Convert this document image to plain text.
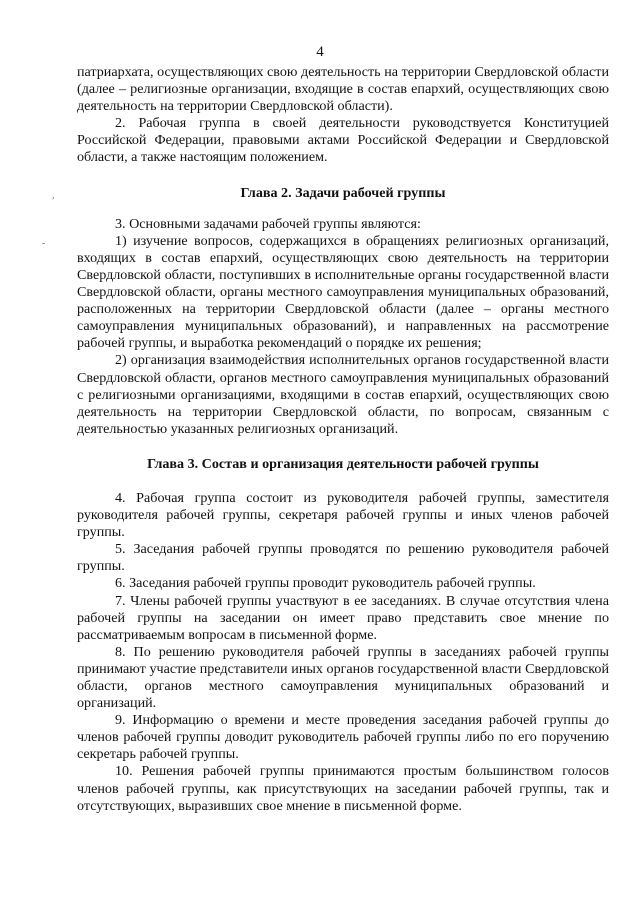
4
,
-

патриархата, осуществляющих свою деятельность на территории Свердловской области (далее – религиозные организации, входящие в состав епархий, осуществляющих свою деятельность на территории Свердловской области).

2. Рабочая группа в своей деятельности руководствуется Конституцией Российской Федерации, правовыми актами Российской Федерации и Свердловской области, а также настоящим положением.

Глава 2. Задачи рабочей группы

3. Основными задачами рабочей группы являются:

1) изучение вопросов, содержащихся в обращениях религиозных организаций, входящих в состав епархий, осуществляющих свою деятельность на территории Свердловской области, поступивших в исполнительные органы государственной власти Свердловской области, органы местного самоуправления муниципальных образований, расположенных на территории Свердловской области (далее – органы местного самоуправления муниципальных образований), и направленных на рассмотрение рабочей группы, и выработка рекомендаций о порядке их решения;

2) организация взаимодействия исполнительных органов государственной власти Свердловской области, органов местного самоуправления муниципальных образований с религиозными организациями, входящими в состав епархий, осуществляющих свою деятельность на территории Свердловской области, по вопросам, связанным с деятельностью указанных религиозных организаций.

Глава 3. Состав и организация деятельности рабочей группы

4. Рабочая группа состоит из руководителя рабочей группы, заместителя руководителя рабочей группы, секретаря рабочей группы и иных членов рабочей группы.

5. Заседания рабочей группы проводятся по решению руководителя рабочей группы.

6. Заседания рабочей группы проводит руководитель рабочей группы.

7. Члены рабочей группы участвуют в ее заседаниях. В случае отсутствия члена рабочей группы на заседании он имеет право представить свое мнение по рассматриваемым вопросам в письменной форме.

8. По решению руководителя рабочей группы в заседаниях рабочей группы принимают участие представители иных органов государственной власти Свердловской области, органов местного самоуправления муниципальных образований и организаций.

9. Информацию о времени и месте проведения заседания рабочей группы до членов рабочей группы доводит руководитель рабочей группы либо по его поручению секретарь рабочей группы.

10. Решения рабочей группы принимаются простым большинством голосов членов рабочей группы, как присутствующих на заседании рабочей группы, так и отсутствующих, выразивших свое мнение в письменной форме.
